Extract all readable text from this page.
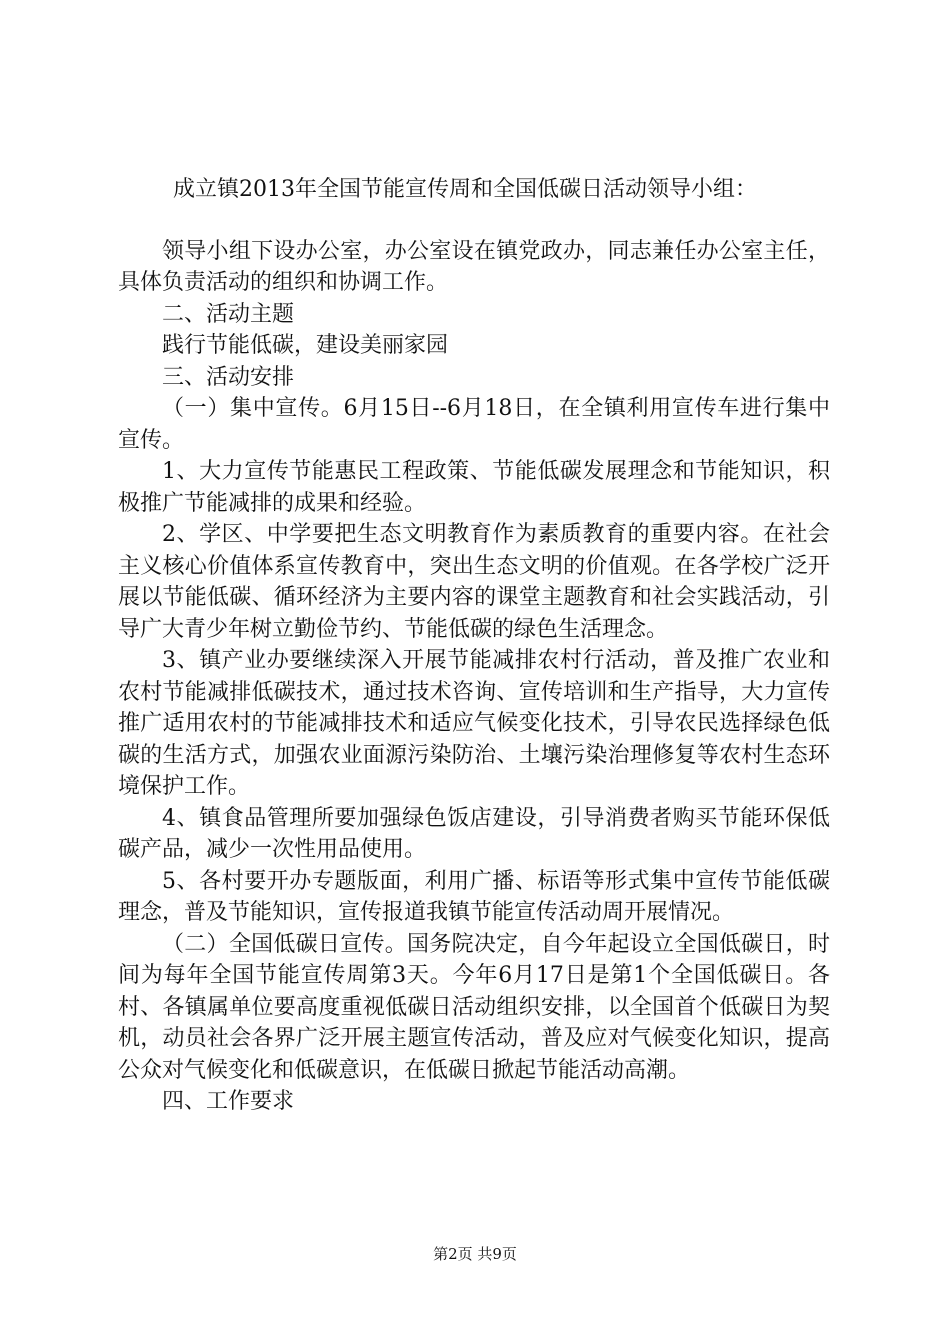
成立镇2013年全国节能宣传周和全国低碳日活动领导小组：

领导小组下设办公室，办公室设在镇党政办，同志兼任办公室主任，具体负责活动的组织和协调工作。

二、活动主题

践行节能低碳，建设美丽家园

三、活动安排

（一）集中宣传。6月15日--6月18日，在全镇利用宣传车进行集中宣传。

1、大力宣传节能惠民工程政策、节能低碳发展理念和节能知识，积极推广节能减排的成果和经验。

2、学区、中学要把生态文明教育作为素质教育的重要内容。在社会主义核心价值体系宣传教育中，突出生态文明的价值观。在各学校广泛开展以节能低碳、循环经济为主要内容的课堂主题教育和社会实践活动，引导广大青少年树立勤俭节约、节能低碳的绿色生活理念。

3、镇产业办要继续深入开展节能减排农村行活动，普及推广农业和农村节能减排低碳技术，通过技术咨询、宣传培训和生产指导，大力宣传推广适用农村的节能减排技术和适应气候变化技术，引导农民选择绿色低碳的生活方式，加强农业面源污染防治、土壤污染治理修复等农村生态环境保护工作。

4、镇食品管理所要加强绿色饭店建设，引导消费者购买节能环保低碳产品，减少一次性用品使用。

5、各村要开办专题版面，利用广播、标语等形式集中宣传节能低碳理念，普及节能知识，宣传报道我镇节能宣传活动周开展情况。

（二）全国低碳日宣传。国务院决定，自今年起设立全国低碳日，时间为每年全国节能宣传周第3天。今年6月17日是第1个全国低碳日。各村、各镇属单位要高度重视低碳日活动组织安排，以全国首个低碳日为契机，动员社会各界广泛开展主题宣传活动，普及应对气候变化知识，提高公众对气候变化和低碳意识，在低碳日掀起节能活动高潮。

四、工作要求

第2页 共9页
